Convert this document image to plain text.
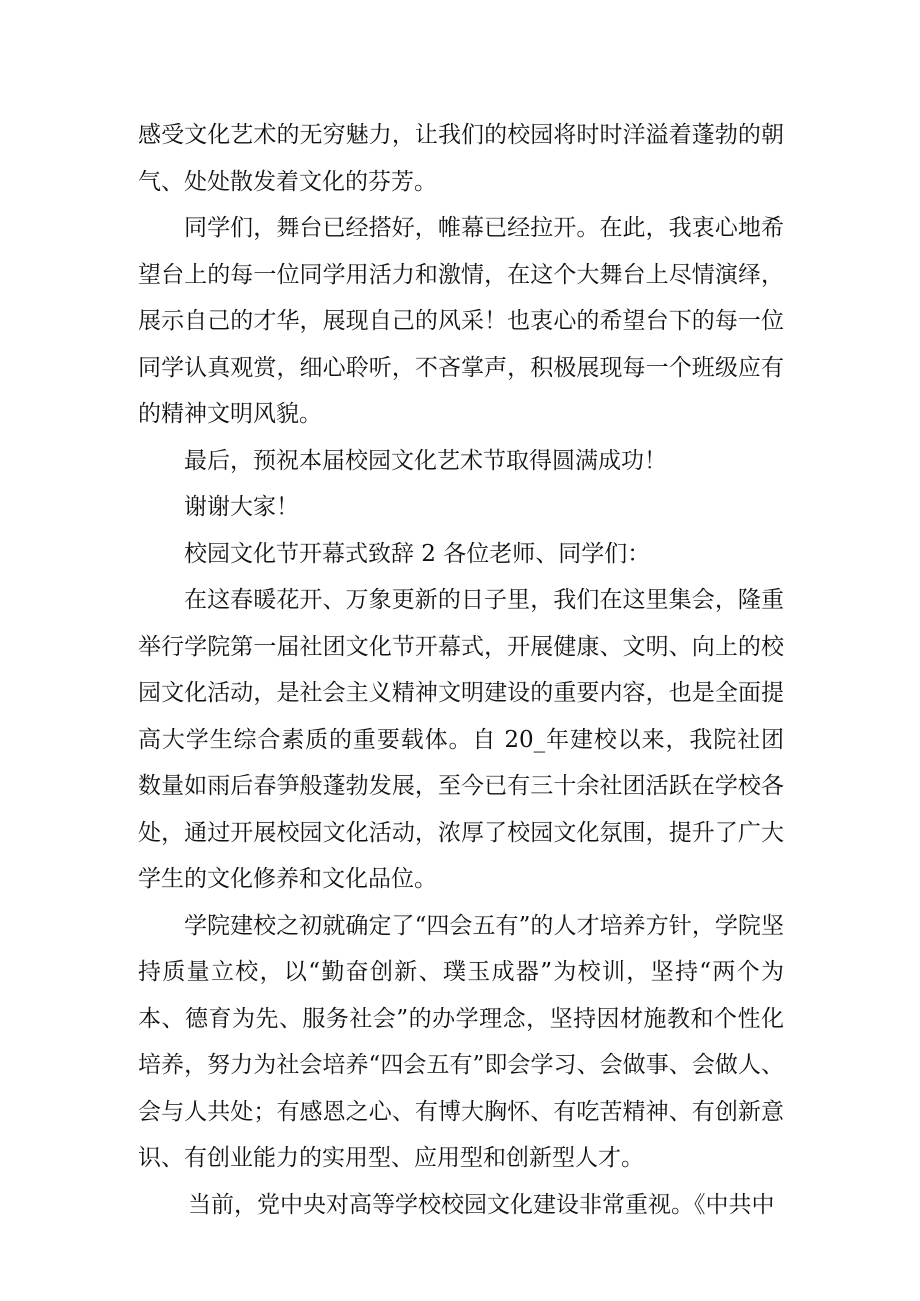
感受文化艺术的无穷魅力，让我们的校园将时时洋溢着蓬勃的朝气、处处散发着文化的芬芳。

同学们，舞台已经搭好，帷幕已经拉开。在此，我衷心地希望台上的每一位同学用活力和激情，在这个大舞台上尽情演绎，展示自己的才华，展现自己的风采！也衷心的希望台下的每一位同学认真观赏，细心聆听，不吝掌声，积极展现每一个班级应有的精神文明风貌。

最后，预祝本届校园文化艺术节取得圆满成功！

谢谢大家！

校园文化节开幕式致辞 2 各位老师、同学们：

在这春暖花开、万象更新的日子里，我们在这里集会，隆重举行学院第一届社团文化节开幕式，开展健康、文明、向上的校园文化活动，是社会主义精神文明建设的重要内容，也是全面提高大学生综合素质的重要载体。自 20_年建校以来，我院社团数量如雨后春笋般蓬勃发展，至今已有三十余社团活跃在学校各处，通过开展校园文化活动，浓厚了校园文化氛围，提升了广大学生的文化修养和文化品位。

学院建校之初就确定了“四会五有”的人才培养方针，学院坚持质量立校，以“勤奋创新、璞玉成器”为校训，坚持“两个为本、德育为先、服务社会”的办学理念，坚持因材施教和个性化培养，努力为社会培养“四会五有”即会学习、会做事、会做人、会与人共处；有感恩之心、有博大胸怀、有吃苦精神、有创新意识、有创业能力的实用型、应用型和创新型人才。

当前，党中央对高等学校校园文化建设非常重视。《中共中
